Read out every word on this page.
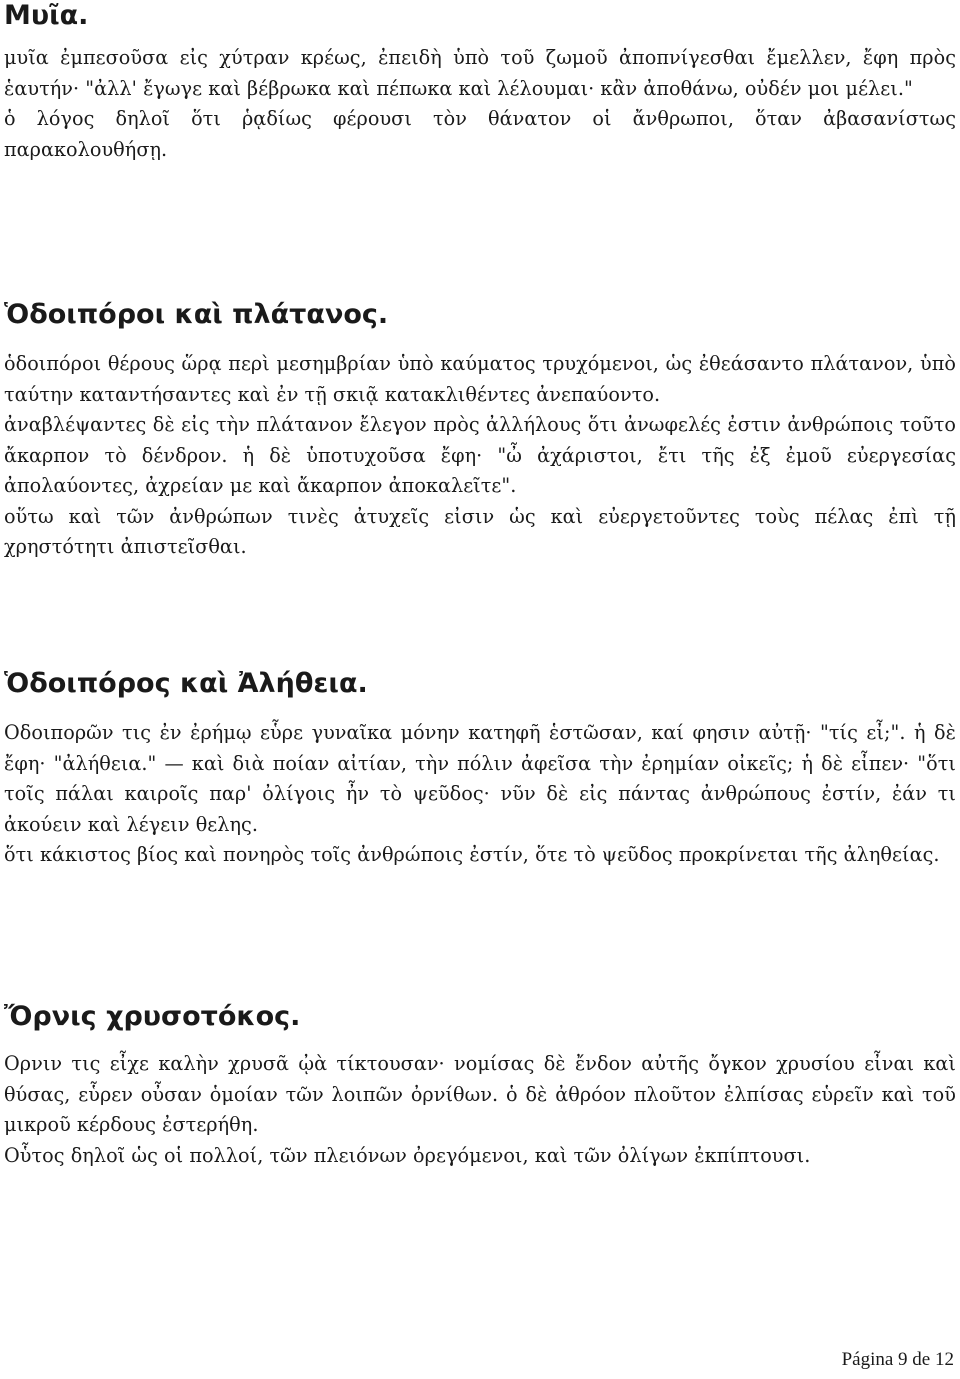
Μυῖα.

μυῖα ἐμπεσοῦσα εἰς χύτραν κρέως, ἐπειδὴ ὑπὸ τοῦ ζωμοῦ ἀποπνίγεσθαι ἔμελλεν, ἔφη πρὸς ἑαυτήν· "ἀλλ' ἔγωγε καὶ βέβρωκα καὶ πέπωκα καὶ λέλουμαι· κἂν ἀποθάνω, οὐδέν μοι μέλει."

ὁ λόγος δηλοῖ ὅτι ῥᾳδίως φέρουσι τὸν θάνατον οἱ ἄνθρωποι, ὅταν ἀβασανίστως παρακολουθήσῃ.

Ὁδοιπόροι καὶ πλάτανος.

ὁδοιπόροι θέρους ὥρᾳ περὶ μεσημβρίαν ὑπὸ καύματος τρυχόμενοι, ὡς ἐθεάσαντο πλάτανον, ὑπὸ ταύτην καταντήσαντες καὶ ἐν τῇ σκιᾷ κατακλιθέντες ἀνεπαύοντο.

ἀναβλέψαντες δὲ εἰς τὴν πλάτανον ἔλεγον πρὸς ἀλλήλους ὅτι ἀνωφελές ἐστιν ἀνθρώποις τοῦτο ἄκαρπον τὸ δένδρον. ἡ δὲ ὑποτυχοῦσα ἔφη· "ὦ ἀχάριστοι, ἔτι τῆς ἐξ ἐμοῦ εὐεργεσίας ἀπολαύοντες, ἀχρείαν με καὶ ἄκαρπον ἀποκαλεῖτε".

οὕτω καὶ τῶν ἀνθρώπων τινὲς ἀτυχεῖς εἰσιν ὡς καὶ εὐεργετοῦντες τοὺς πέλας ἐπὶ τῇ χρηστότητι ἀπιστεῖσθαι.

Ὁδοιπόρος καὶ Ἀλήθεια.

Οδοιπορῶν τις ἐν ἐρήμῳ εὗρε γυναῖκα μόνην κατηφῆ ἑστῶσαν, καί φησιν αὐτῇ· "τίς εἶ;". ἡ δὲ ἔφη· "ἀλήθεια." — καὶ διὰ ποίαν αἰτίαν, τὴν πόλιν ἀφεῖσα τὴν ἐρημίαν οἰκεῖς; ἡ δὲ εἶπεν· "ὅτι τοῖς πάλαι καιροῖς παρ' ὀλίγοις ἦν τὸ ψεῦδος· νῦν δὲ εἰς πάντας ἀνθρώπους ἐστίν, ἐάν τι ἀκούειν καὶ λέγειν θελης.

ὅτι κάκιστος βίος καὶ πονηρὸς τοῖς ἀνθρώποις ἐστίν, ὅτε τὸ ψεῦδος προκρίνεται τῆς ἀληθείας.

Ὄρνις χρυσοτόκος.

Ορνιν τις εἶχε καλὴν χρυσᾶ ᾠὰ τίκτουσαν· νομίσας δὲ ἔνδον αὐτῆς ὄγκον χρυσίου εἶναι καὶ θύσας, εὗρεν οὖσαν ὁμοίαν τῶν λοιπῶν ὀρνίθων. ὁ δὲ ἀθρόον πλοῦτον ἐλπίσας εὑρεῖν καὶ τοῦ μικροῦ κέρδους ἐστερήθη.

Οὗτος δηλοῖ ὡς οἱ πολλοί, τῶν πλειόνων ὀρεγόμενοι, καὶ τῶν ὀλίγων ἐκπίπτουσι.

Página 9 de 12
